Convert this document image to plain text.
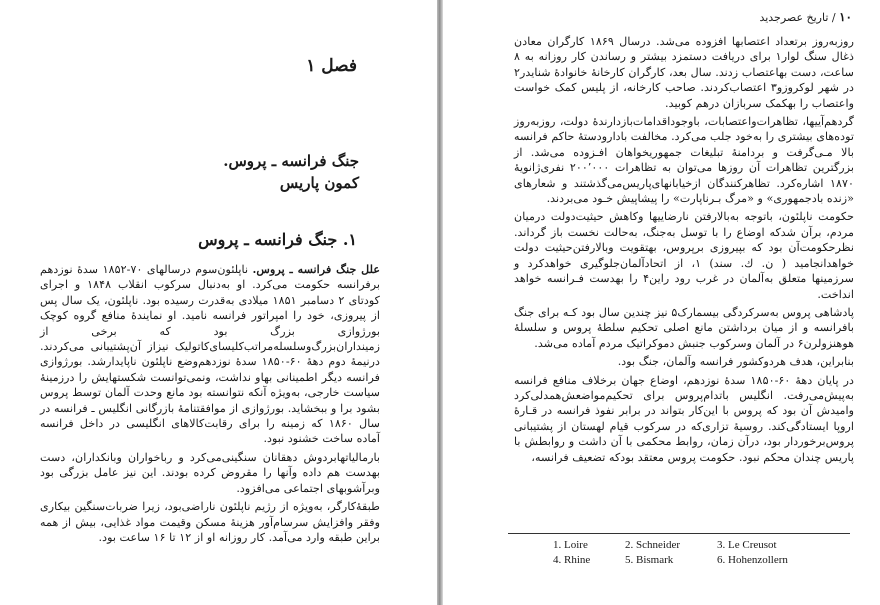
فصل ۱
جنگ فرانسه ـ پروس.
کمون پاریس
۱. جنگ فرانسه ـ پروس

علل جنگ فرانسه ـ پروس. ناپلئون‌سوم درسالهای ۷۰-۱۸۵۲ سدهٔ نوزدهم برفرانسه حکومت می‌کرد. او به‌دنبال سرکوب انقلاب ۱۸۴۸ و اجرای کودتای ۲ دسامبر ۱۸۵۱ میلادی به‌قدرت رسیده بود. ناپلئون، یک سال پس از پیروزی، خود را امپراتور فرانسه نامید. او نمایندهٔ منافع گروه کوچک بورژوازی بزرگ بود که برخی از زمینداران‌بزرگ‌وسلسله‌مراتب‌کلیسای‌کاتولیک نیزاز آن‌پشتیبانی می‌کردند. درنیمهٔ دوم دههٔ ۶۰-۱۸۵۰ سدهٔ نوزدهم‌وضع ناپلئون ناپایدارشد. بورژوازی فرانسه دیگر اطمینانی بهاو نداشت، ونمی‌توانست شکستهایش را درزمینهٔ سیاست خارجی، به‌ویژه آنکه نتوانسته بود مانع وحدت آلمان توسط پروس بشود برا و ببخشاید. بورژوازی از موافقتنامهٔ بازرگانی انگلیس ـ فرانسه در سال ۱۸۶۰ که زمینه را برای رقابت‌کالاهای انگلیسی در داخل فرانسه آماده ساخت خشنود نبود.

بارمالیاتهابردوش دهقانان سنگینی‌می‌کرد و رباخواران وبانکداران، دست بهدست هم داده وآنها را مقروض کرده بودند. این نیز عامل بزرگی بود وبرآشوبهای اجتماعی می‌افزود.

طبقهٔ‌کارگر، به‌ویژه از رژیم ناپلئون ناراضی‌بود، زیرا ضربات‌سنگین بیکاری وفقر وافزایش سرسام‌آور هزینهٔ مسکن وقیمت مواد غذایی، بیش از همه براین طبقه وارد می‌آمد. کار روزانه او از ۱۲ تا ۱۶ ساعت بود.

۱۰ / تاریخ عصرجدید

روزبه‌روز برتعداد اعتصابها افزوده می‌شد. درسال ۱۸۶۹ کارگران معادن ذغال سنگ لوار۱ برای دریافت دستمزد بیشتر و رساندن کار روزانه به ۸ ساعت، دست بهاعتصاب زدند. سال بعد، کارگران کارخانهٔ خانوادهٔ شنایدر۲ در شهر لوکروزو۳ اعتصاب‌کردند. صاحب کارخانه، از پلیس کمک خواست واعتصاب را بهکمک سربازان درهم کوبید.

گردهم‌آییها، تظاهرات‌واعتصابات، باوجوداقدامات‌بازدارندهٔ دولت، روزبه‌روز توده‌های بیشتری را به‌خود جلب می‌کرد. مخالفت با‌دارودستهٔ حاکم فرانسه بالا مـی‌گرفت و بردامنهٔ تبلیغات جمهوریخواهان افـزوده می‌شد. از بزرگترین تظاهرات آن روزها می‌توان به تظاهرات ۲۰۰٬۰۰۰ نفری‌ژانویهٔ ۱۸۷۰ اشاره‌کرد. تظاهرکنندگان ازخیابانهای‌پاریس‌می‌گذشتند و شعارهای «زنده باد‌جمهوری» و «مرگ بـرناپارت» را پیشاپیش خـود می‌بردند.

حکومت ناپلئون، باتوجه به‌بالارفتن نارضاییها وکاهش حیثیت‌دولت درمیان مردم، برآن شدکه اوضاع را با توسل به‌جنگ، به‌حالت نخست باز گرداند. نظرحکومت‌آن بود که بپیروزی برپروس، بهتقویت وبالارفتن‌حیثیت دولت خواهدانجامید ( ن. ك. سند) ۱، از اتحادآلمان‌جلوگیری خواهدکرد و سرزمینها متعلق به‌آلمان در غرب رود راین۴ را بهدست فـرانسه خواهد انداخت.

پادشاهی پروس به‌سرکردگی بیسمارک۵ نیز چندین سال بود کـه برای جنگ بافرانسه و از میان برداشتن مانع اصلی تحکیم سلطهٔ پروس و سلسلهٔ هوهنزولرن۶ در آلمان وسرکوب جنبش دموکراتیک مردم آماده می‌شد.

بنابراین، هدف هردوکشور فرانسه وآلمان، جنگ بود.

در پایان دههٔ ۶۰-۱۸۵۰ سدهٔ نوزدهم، اوضاع جهان برخلاف منافع فرانسه به‌پیش‌می‌رفت. انگلیس باتدام‌پروس برای تحکیم‌مواضعش‌همدلی‌کرد وامیدش آن بود که پروس با این‌کار بتواند در برابر نفوذ فرانسه در قـارهٔ اروپا ایستادگی‌کند. روسیهٔ تزاری‌که در سرکوب قیام لهستان از پشتیبانی پروس‌برخوردار بود، درآن زمان، روابط محکمی با آن داشت و روابطش با پاریس چندان محکم نبود. حکومت پروس معتقد بودکه تضعیف فرانسه،

1. Loire	2. Schneider	3. Le Creusot
4. Rhine	5. Bismark	6. Hohenzollern
